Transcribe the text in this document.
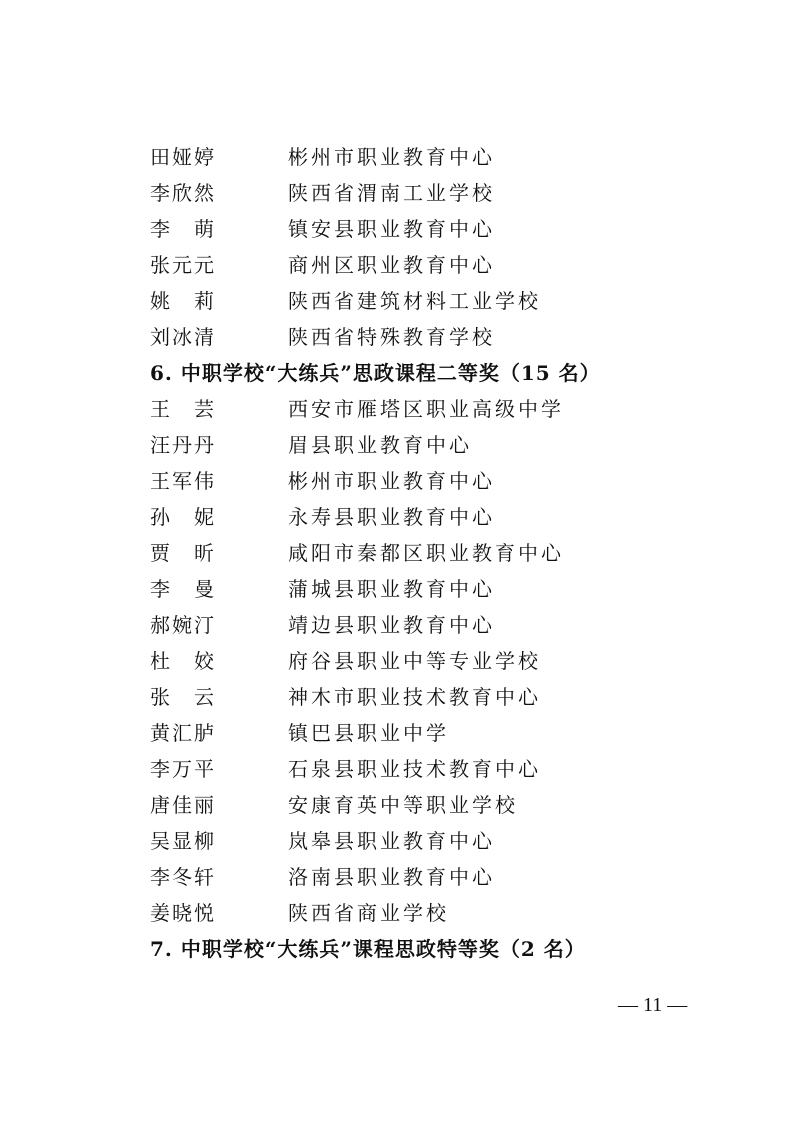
田娅婷	彬州市职业教育中心
李欣然	陕西省渭南工业学校
李　萌	镇安县职业教育中心
张元元	商州区职业教育中心
姚　莉	陕西省建筑材料工业学校
刘冰清	陕西省特殊教育学校
6. 中职学校“大练兵”思政课程二等奖（15 名）
王　芸	西安市雁塔区职业高级中学
汪丹丹	眉县职业教育中心
王军伟	彬州市职业教育中心
孙　妮	永寿县职业教育中心
贾　昕	咸阳市秦都区职业教育中心
李　曼	蒲城县职业教育中心
郝婉汀	靖边县职业教育中心
杜　姣	府谷县职业中等专业学校
张　云	神木市职业技术教育中心
黄汇胪	镇巴县职业中学
李万平	石泉县职业技术教育中心
唐佳丽	安康育英中等职业学校
吴显柳	岚皋县职业教育中心
李冬轩	洛南县职业教育中心
姜晓悦	陕西省商业学校
7. 中职学校“大练兵”课程思政特等奖（2 名）
— 11 —
